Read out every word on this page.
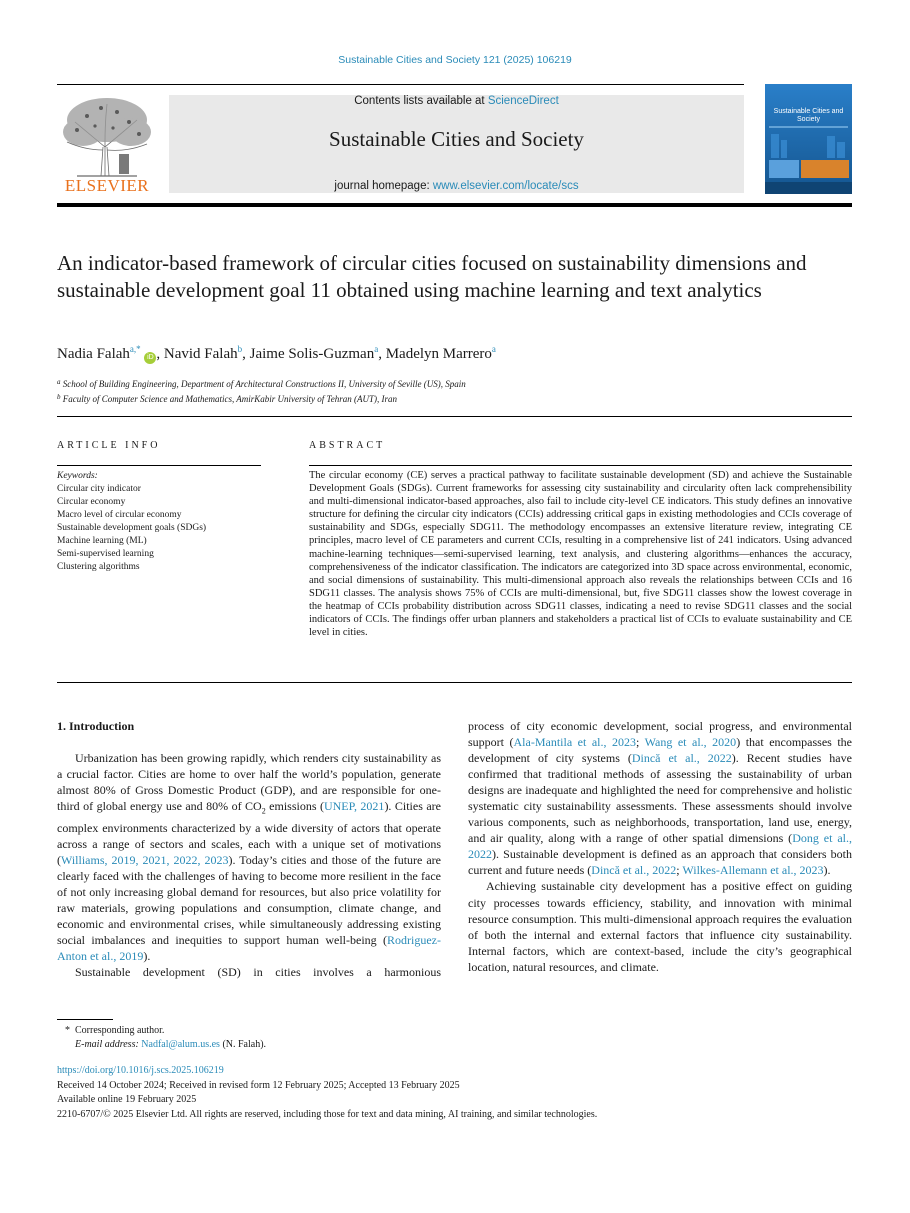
Sustainable Cities and Society 121 (2025) 106219
ELSEVIER
Contents lists available at ScienceDirect
Sustainable Cities and Society
journal homepage: www.elsevier.com/locate/scs
Sustainable Cities and Society
An indicator-based framework of circular cities focused on sustainability dimensions and sustainable development goal 11 obtained using machine learning and text analytics
Nadia Falah$^{a,*}$ iD , Navid Falah$^b$, Jaime Solis-Guzman$^a$, Madelyn Marrero$^a$
$^a$ School of Building Engineering, Department of Architectural Constructions II, University of Seville (US), Spain
$^b$ Faculty of Computer Science and Mathematics, AmirKabir University of Tehran (AUT), Iran
ARTICLE INFO
Keywords:
Circular city indicator
Circular economy
Macro level of circular economy
Sustainable development goals (SDGs)
Machine learning (ML)
Semi-supervised learning
Clustering algorithms
ABSTRACT
The circular economy (CE) serves a practical pathway to facilitate sustainable development (SD) and achieve the Sustainable Development Goals (SDGs). Current frameworks for assessing city sustainability and circularity often lack comprehensibility and multi-dimensional indicator-based approaches, also fail to include city-level CE indicators. This study defines an innovative structure for defining the circular city indicators (CCIs) addressing critical gaps in existing methodologies and CCIs coverage of sustainability and SDGs, especially SDG11. The methodology encompasses an extensive literature review, integrating CE principles, macro level of CE parameters and current CCIs, resulting in a comprehensive list of 241 indicators. Using advanced machine-learning techniques—semi-supervised learning, text analysis, and clustering algorithms—enhances the accuracy, comprehensiveness of the indicator classification. The indicators are categorized into 3D space across environmental, economic, and social dimensions of sustainability. This multi-dimensional approach also reveals the relationships between CCIs and 16 SDG11 classes. The analysis shows 75% of CCIs are multi-dimensional, but, five SDG11 classes show the lowest coverage in the heatmap of CCIs probability distribution across SDG11 classes, indicating a need to revise SDG11 classes and the social indicators of CCIs. The findings offer urban planners and stakeholders a practical list of CCIs to evaluate sustainability and CE level in cities.
1. Introduction

Urbanization has been growing rapidly, which renders city sustainability as a crucial factor. Cities are home to over half the world’s population, generate almost 80% of Gross Domestic Product (GDP), and are responsible for one-third of global energy use and 80% of $CO_2$ emissions (UNEP, 2021). Cities are complex environments characterized by a wide diversity of actors that operate across a range of sectors and scales, each with a unique set of motivations (Williams, 2019, 2021, 2022, 2023). Today’s cities and those of the future are clearly faced with the challenges of having to become more resilient in the face of not only increasing global demand for resources, but also price volatility for raw materials, growing populations and consumption, climate change, and economic and environmental crises, while simultaneously addressing existing social imbalances and inequities to support human well-being (Rodriguez-Anton et al., 2019).

Sustainable development (SD) in cities involves a harmonious

process of city economic development, social progress, and environmental support (Ala-Mantila et al., 2023; Wang et al., 2020) that encompasses the development of city systems (Dincă et al., 2022). Recent studies have confirmed that traditional methods of assessing the sustainability of urban designs are inadequate and highlighted the need for comprehensive and holistic systematic city sustainability assessments. These assessments should involve various components, such as neighborhoods, transportation, land use, energy, and air quality, along with a range of other spatial dimensions (Dong et al., 2022). Sustainable development is defined as an approach that considers both current and future needs (Dincă et al., 2022; Wilkes-Allemann et al., 2023).

Achieving sustainable city development has a positive effect on guiding city processes towards efficiency, stability, and innovation with minimal resource consumption. This multi-dimensional approach requires the evaluation of both the internal and external factors that influence city sustainability. Internal factors, which are context-based, include the city’s geographical location, natural resources, and climate.

* Corresponding author.
E-mail address: Nadfal@alum.us.es (N. Falah).
https://doi.org/10.1016/j.scs.2025.106219
Received 14 October 2024; Received in revised form 12 February 2025; Accepted 13 February 2025
Available online 19 February 2025
2210-6707/© 2025 Elsevier Ltd. All rights are reserved, including those for text and data mining, AI training, and similar technologies.
